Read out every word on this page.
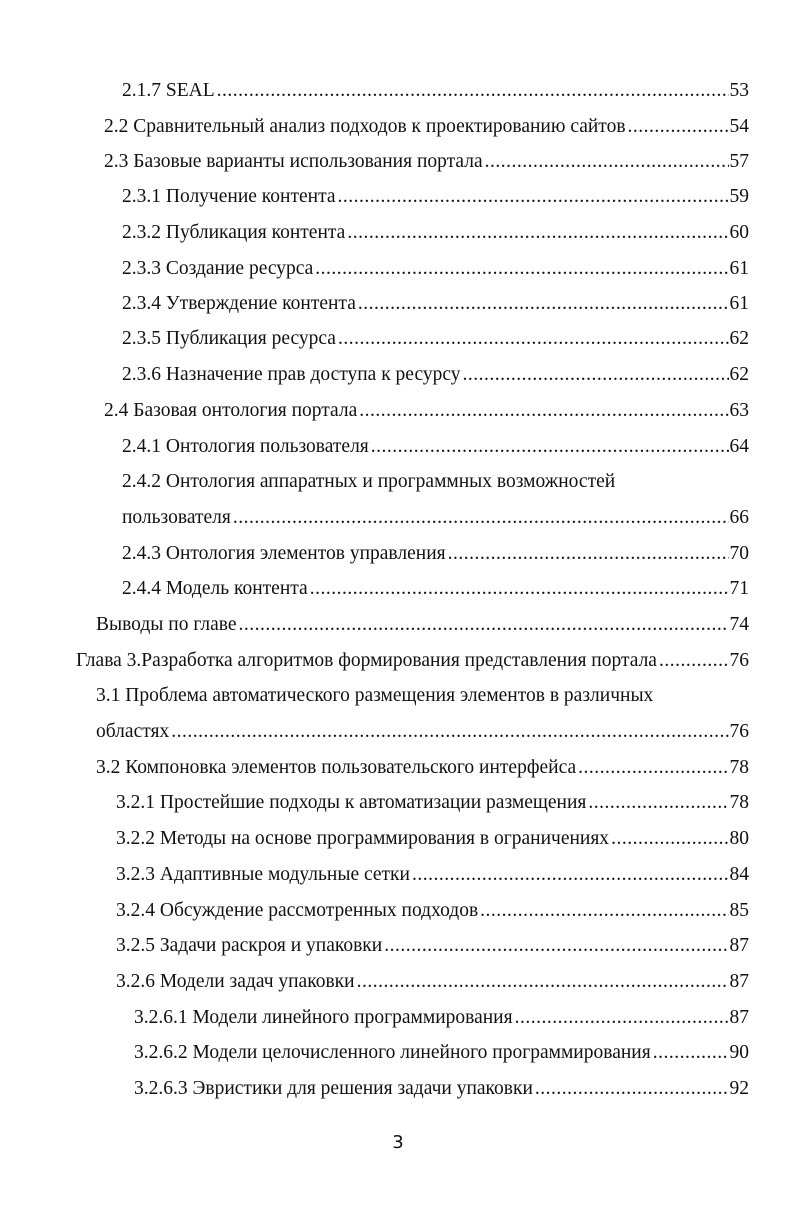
2.1.7 SEAL .....	53
2.2 Сравнительный анализ подходов к проектированию сайтов .....	54
2.3 Базовые варианты использования портала .....	57
2.3.1 Получение контента .....	59
2.3.2 Публикация контента .....	60
2.3.3 Создание ресурса .....	61
2.3.4 Утверждение контента .....	61
2.3.5 Публикация ресурса .....	62
2.3.6 Назначение прав доступа к ресурсу .....	62
2.4 Базовая онтология портала .....	63
2.4.1 Онтология пользователя .....	64
2.4.2 Онтология аппаратных и программных возможностей
пользователя .....	66
2.4.3 Онтология элементов управления .....	70
2.4.4 Модель контента .....	71
Выводы по главе .....	74
Глава 3.Разработка алгоритмов формирования представления портала .....	76
3.1 Проблема автоматического размещения элементов в различных
областях .....	76
3.2 Компоновка элементов пользовательского интерфейса .....	78
3.2.1 Простейшие подходы к автоматизации размещения .....	78
3.2.2 Методы на основе программирования в ограничениях .....	80
3.2.3 Адаптивные модульные сетки .....	84
3.2.4 Обсуждение рассмотренных подходов .....	85
3.2.5 Задачи раскроя и упаковки .....	87
3.2.6 Модели задач упаковки .....	87
3.2.6.1 Модели линейного программирования .....	87
3.2.6.2 Модели целочисленного линейного программирования .....	90
3.2.6.3 Эвристики для решения задачи упаковки .....	92
3
